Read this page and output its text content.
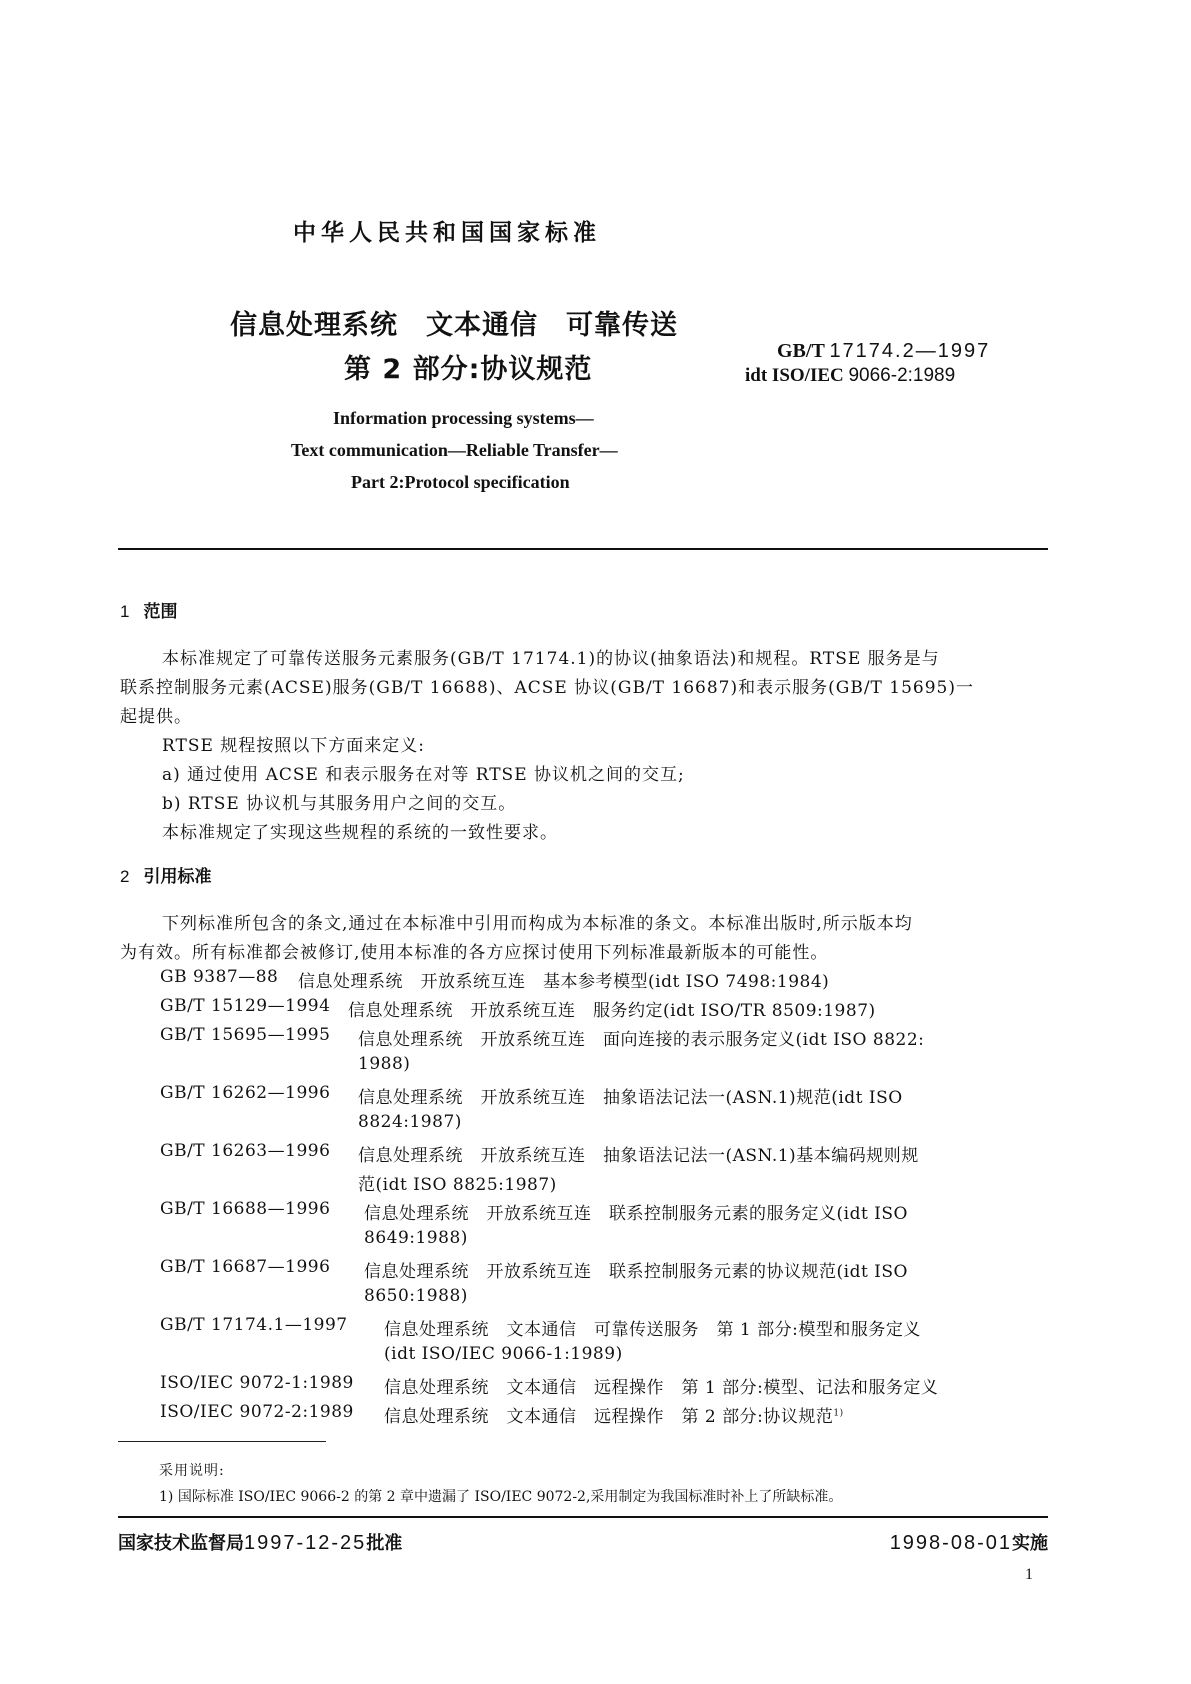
中华人民共和国国家标准
信息处理系统　文本通信　可靠传送
第 2 部分:协议规范
GB/T 17174.2—1997
idt ISO/IEC 9066-2:1989
Information processing systems—
Text communication—Reliable Transfer—
Part 2:Protocol specification
1 范围
本标准规定了可靠传送服务元素服务(GB/T 17174.1)的协议(抽象语法)和规程。RTSE 服务是与
联系控制服务元素(ACSE)服务(GB/T 16688)、ACSE 协议(GB/T 16687)和表示服务(GB/T 15695)一
起提供。
RTSE 规程按照以下方面来定义:
a) 通过使用 ACSE 和表示服务在对等 RTSE 协议机之间的交互;
b) RTSE 协议机与其服务用户之间的交互。
本标准规定了实现这些规程的系统的一致性要求。
2 引用标准
下列标准所包含的条文,通过在本标准中引用而构成为本标准的条文。本标准出版时,所示版本均
为有效。所有标准都会被修订,使用本标准的各方应探讨使用下列标准最新版本的可能性。
GB 9387—88 信息处理系统　开放系统互连　基本参考模型(idt ISO 7498:1984)
GB/T 15129—1994 信息处理系统　开放系统互连　服务约定(idt ISO/TR 8509:1987)
GB/T 15695—1995 信息处理系统　开放系统互连　面向连接的表示服务定义(idt ISO 8822:
1988)
GB/T 16262—1996 信息处理系统　开放系统互连　抽象语法记法一(ASN.1)规范(idt ISO
8824:1987)
GB/T 16263—1996 信息处理系统　开放系统互连　抽象语法记法一(ASN.1)基本编码规则规
范(idt ISO 8825:1987)
GB/T 16688—1996 信息处理系统　开放系统互连　联系控制服务元素的服务定义(idt ISO
8649:1988)
GB/T 16687—1996 信息处理系统　开放系统互连　联系控制服务元素的协议规范(idt ISO
8650:1988)
GB/T 17174.1—1997 信息处理系统　文本通信　可靠传送服务　第 1 部分:模型和服务定义
(idt ISO/IEC 9066-1:1989)
ISO/IEC 9072-1:1989 信息处理系统　文本通信　远程操作　第 1 部分:模型、记法和服务定义
ISO/IEC 9072-2:1989 信息处理系统　文本通信　远程操作　第 2 部分:协议规范$^{1)}$
采用说明:
1) 国际标准 ISO/IEC 9066-2 的第 2 章中遗漏了 ISO/IEC 9072-2,采用制定为我国标准时补上了所缺标准。
国家技术监督局1997-12-25批准	1998-08-01实施
1
